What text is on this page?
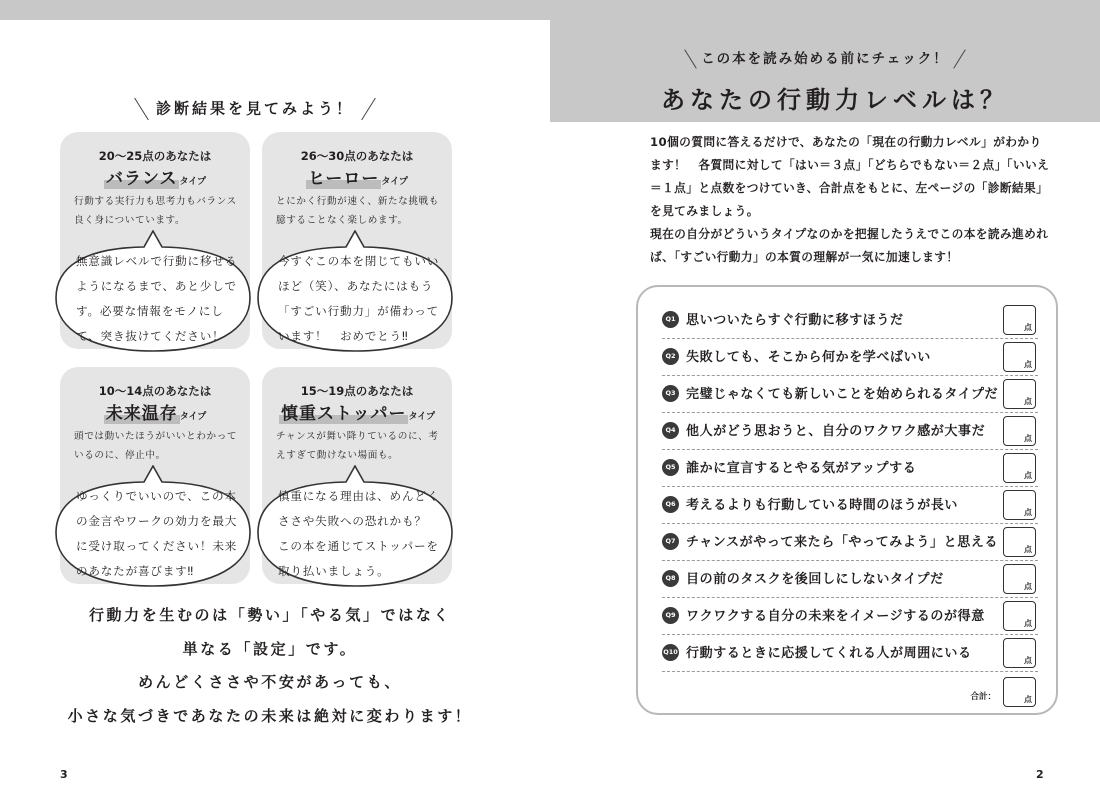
診断結果を見てみよう！
20〜25点のあなたは
バランス タイプ
行動する実行力も思考力もバランス良く身についています。
無意識レベルで行動に移せるようになるまで、あと少しです。必要な情報をモノにして、突き抜けてください！
26〜30点のあなたは
ヒーロー タイプ
とにかく行動が速く、新たな挑戦も臆することなく楽しめます。
今すぐこの本を閉じてもいいほど（笑）、あなたにはもう「すごい行動力」が備わっています！　おめでとう‼
10〜14点のあなたは
未来温存 タイプ
頭では動いたほうがいいとわかっているのに、停止中。
ゆっくりでいいので、この本の金言やワークの効力を最大に受け取ってください！未来のあなたが喜びます‼
15〜19点のあなたは
慎重ストッパー タイプ
チャンスが舞い降りているのに、考えすぎて動けない場面も。
慎重になる理由は、めんどくささや失敗への恐れかも？　この本を通じてストッパーを取り払いましょう。
行動力を生むのは「勢い」「やる気」ではなく
単なる「設定」です。
めんどくささや不安があっても、
小さな気づきであなたの未来は絶対に変わります！
3
この本を読み始める前にチェック！
あなたの行動力レベルは？
10個の質問に答えるだけで、あなたの「現在の行動力レベル」がわかります！　各質問に対して「はい＝３点」「どちらでもない＝２点」「いいえ＝１点」と点数をつけていき、合計点をもとに、左ページの「診断結果」を見てみましょう。
現在の自分がどういうタイプなのかを把握したうえでこの本を読み進めれば、「すごい行動力」の本質の理解が一気に加速します！
Q1 思いついたらすぐ行動に移すほうだ	点
Q2 失敗しても、そこから何かを学べばいい	点
Q3 完璧じゃなくても新しいことを始められるタイプだ	点
Q4 他人がどう思おうと、自分のワクワク感が大事だ	点
Q5 誰かに宣言するとやる気がアップする	点
Q6 考えるよりも行動している時間のほうが長い	点
Q7 チャンスがやって来たら「やってみよう」と思える	点
Q8 目の前のタスクを後回しにしないタイプだ	点
Q9 ワクワクする自分の未来をイメージするのが得意	点
Q10 行動するときに応援してくれる人が周囲にいる	点
合計：	点
2
